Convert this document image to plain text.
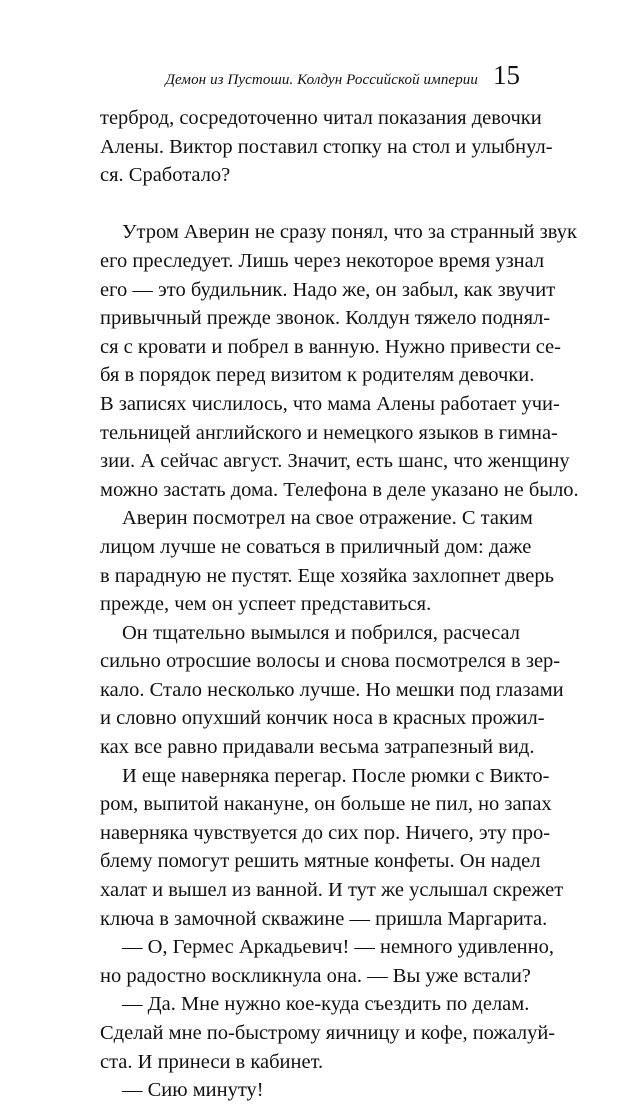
Демон из Пустоши. Колдун Российской империи 15

терброд, сосредоточенно читал показания девочки
Алены. Виктор поставил стопку на стол и улыбнул-
ся. Сработало?

Утром Аверин не сразу понял, что за странный звук
его преследует. Лишь через некоторое время узнал
его — это будильник. Надо же, он забыл, как звучит
привычный прежде звонок. Колдун тяжело поднял-
ся с кровати и побрел в ванную. Нужно привести се-
бя в порядок перед визитом к родителям девочки.
В записях числилось, что мама Алены работает учи-
тельницей английского и немецкого языков в гимна-
зии. А сейчас август. Значит, есть шанс, что женщину
можно застать дома. Телефона в деле указано не было.

Аверин посмотрел на свое отражение. С таким
лицом лучше не соваться в приличный дом: даже
в парадную не пустят. Еще хозяйка захлопнет дверь
прежде, чем он успеет представиться.

Он тщательно вымылся и побрился, расчесал
сильно отросшие волосы и снова посмотрелся в зер-
кало. Стало несколько лучше. Но мешки под глазами
и словно опухший кончик носа в красных прожил-
ках все равно придавали весьма затрапезный вид.

И еще наверняка перегар. После рюмки с Викто-
ром, выпитой накануне, он больше не пил, но запах
наверняка чувствуется до сих пор. Ничего, эту про-
блему помогут решить мятные конфеты. Он надел
халат и вышел из ванной. И тут же услышал скрежет
ключа в замочной скважине — пришла Маргарита.

— О, Гермес Аркадьевич! — немного удивленно,
но радостно воскликнула она. — Вы уже встали?

— Да. Мне нужно кое-куда съездить по делам.
Сделай мне по-быстрому яичницу и кофе, пожалуй-
ста. И принеси в кабинет.

— Сию минуту!
